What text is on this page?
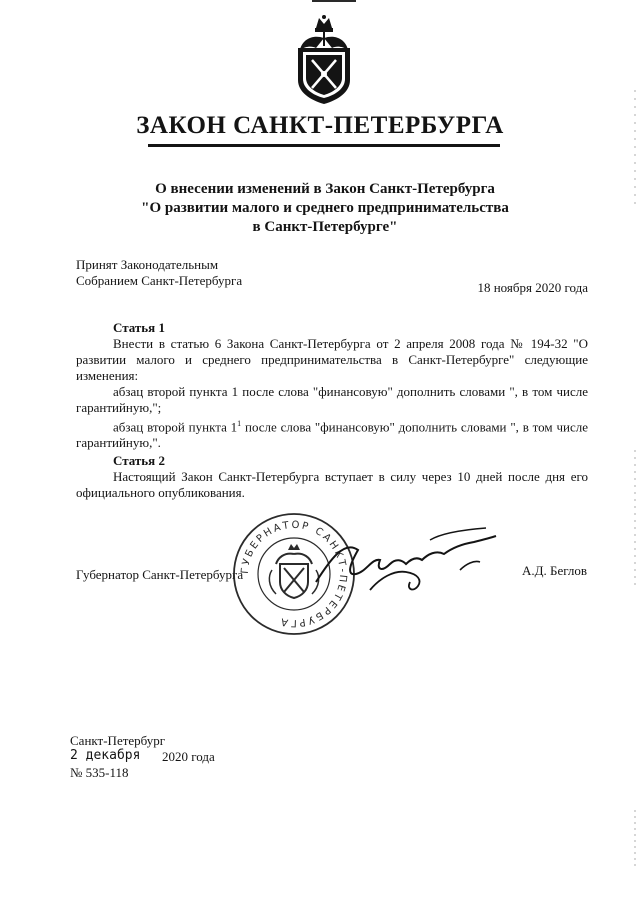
ЗАКОН САНКТ-ПЕТЕРБУРГА
О внесении изменений в Закон Санкт-Петербурга
"О развитии малого и среднего предпринимательства
в Санкт-Петербурге"
Принят Законодательным
Собранием Санкт-Петербурга	18 ноября 2020 года

Статья 1

Внести в статью 6 Закона Санкт-Петербурга от 2 апреля 2008 года № 194-32 "О развитии малого и среднего предпринимательства в Санкт-Петербурге" следующие изменения:

абзац второй пункта 1 после слова "финансовую" дополнить словами ", в том числе гарантийную,";

абзац второй пункта $1^1$ после слова "финансовую" дополнить словами ", в том числе гарантийную,".

Статья 2

Настоящий Закон Санкт-Петербурга вступает в силу через 10 дней после дня его официального опубликования.

Губернатор Санкт-Петербурга	А.Д. Беглов
ГУБЕРНАТОР САНКТ-ПЕТЕРБУРГА
Санкт-Петербург
2 декабря 2020 года
№ 535-118
